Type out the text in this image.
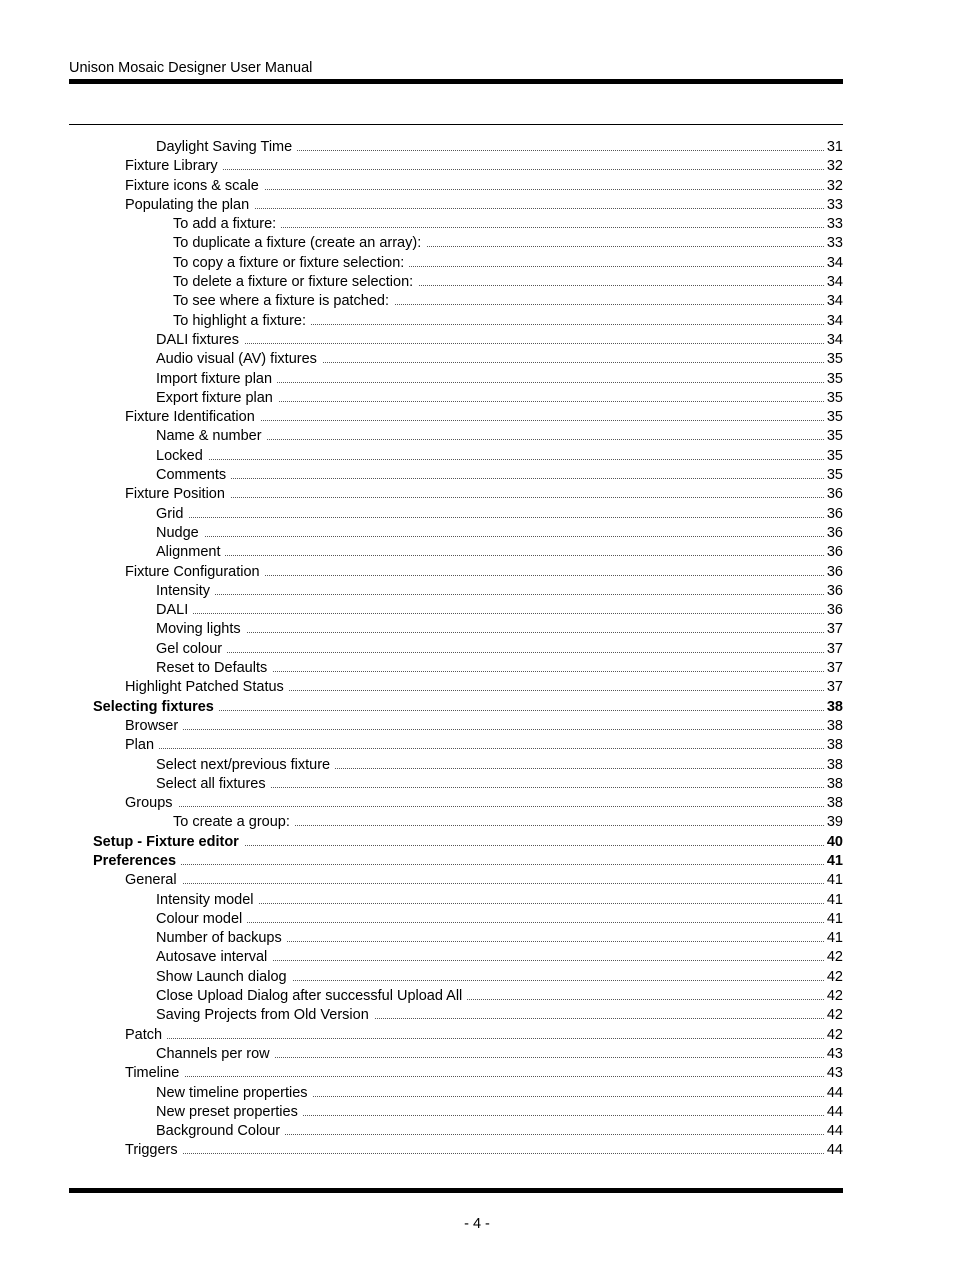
Unison Mosaic Designer User Manual
Daylight Saving Time	31
Fixture Library	32
Fixture icons & scale	32
Populating the plan	33
To add a fixture:	33
To duplicate a fixture (create an array):	33
To copy a fixture or fixture selection:	34
To delete a fixture or fixture selection:	34
To see where a fixture is patched:	34
To highlight a fixture:	34
DALI fixtures	34
Audio visual (AV) fixtures	35
Import fixture plan	35
Export fixture plan	35
Fixture Identification	35
Name & number	35
Locked	35
Comments	35
Fixture Position	36
Grid	36
Nudge	36
Alignment	36
Fixture Configuration	36
Intensity	36
DALI	36
Moving lights	37
Gel colour	37
Reset to Defaults	37
Highlight Patched Status	37
Selecting fixtures	38
Browser	38
Plan	38
Select next/previous fixture	38
Select all fixtures	38
Groups	38
To create a group:	39
Setup - Fixture editor	40
Preferences	41
General	41
Intensity model	41
Colour model	41
Number of backups	41
Autosave interval	42
Show Launch dialog	42
Close Upload Dialog after successful Upload All	42
Saving Projects from Old Version	42
Patch	42
Channels per row	43
Timeline	43
New timeline properties	44
New preset properties	44
Background Colour	44
Triggers	44
- 4 -
